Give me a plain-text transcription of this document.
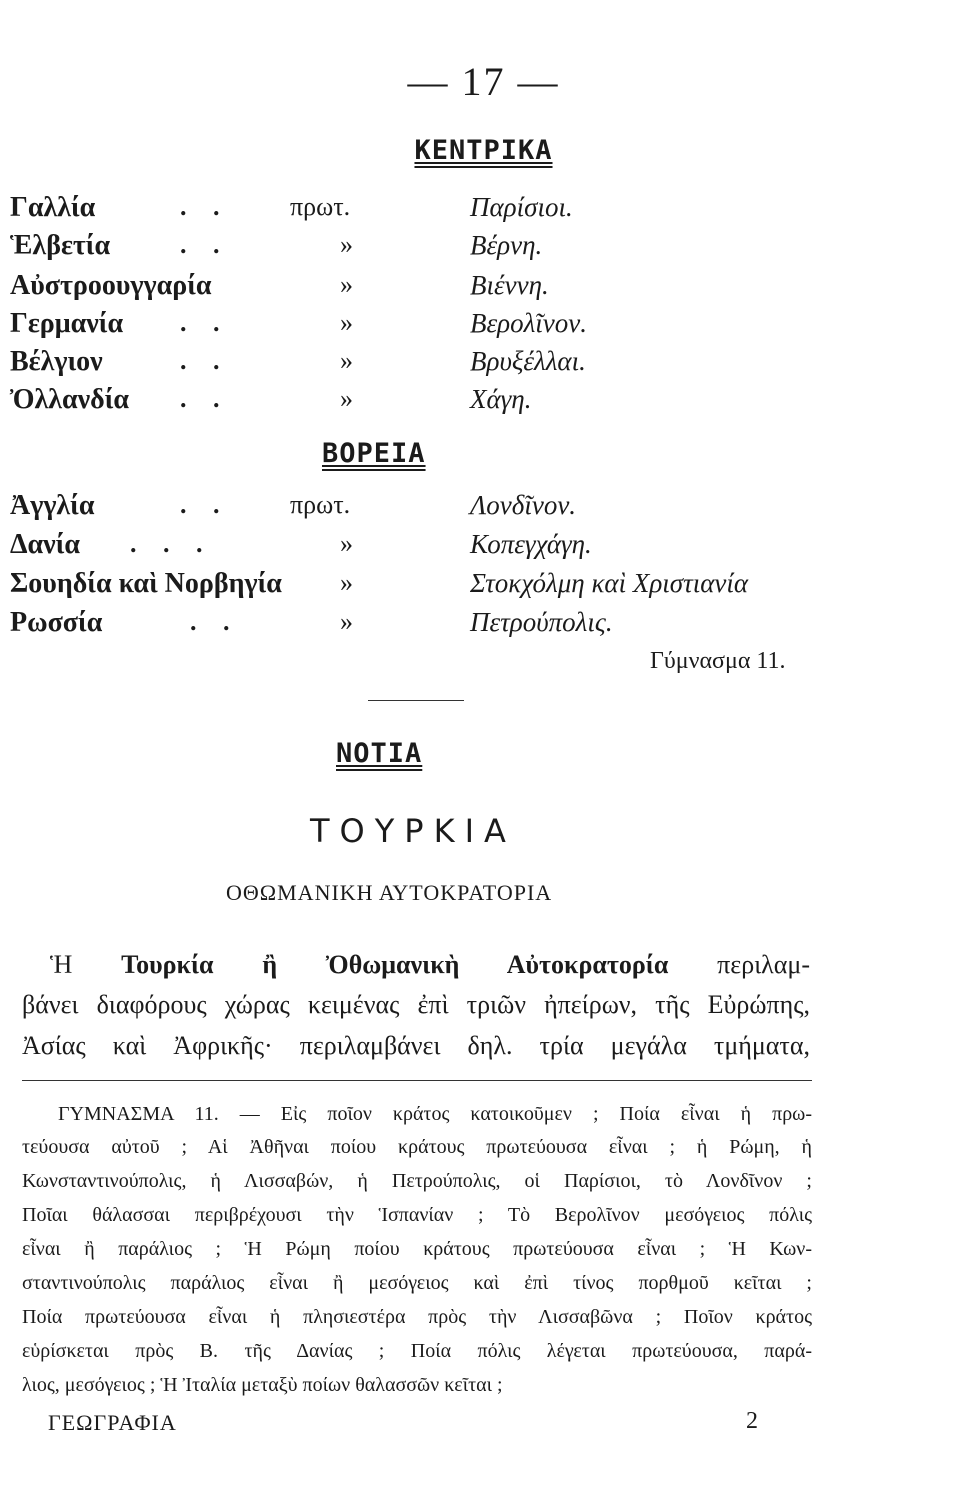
— 17 —
ΚΕΝΤΡΙΚΑ
Γαλλία	. . πρωτ.	Παρίσιοι.
Ἑλβετία	. .	»	Βέρνη.
Αὐστροουγγαρία	»	Βιέννη.
Γερμανία . .	»	Βερολῖνον.
Βέλγιον	. .	»	Βρυξέλλαι.
Ὀλλανδία . .	»	Χάγη.
ΒΟΡΕΙΑ
Ἀγγλία	. . πρωτ.	Λονδῖνον.
Δανία . . .	»	Κοπεγχάγη.
Σουηδία καὶ Νορβηγία »	Στοκχόλμη καὶ Χριστιανία
Ρωσσία	. .	»	Πετρούπολις.
Γύμνασμα 11.
ΝΟΤΙΑ
ΤΟΥΡΚΙΑ
ΟΘΩΜΑΝΙΚΗ ΑΥΤΟΚΡΑΤΟΡΙΑ
Ἡ Τουρκία ἢ Ὀθωμανικὴ Αὐτοκρατορία περιλαμ-
βάνει διαφόρους χώρας κειμένας ἐπὶ τριῶν ἠπείρων, τῆς Εὐρώπης,
Ἀσίας καὶ Ἀφρικῆς· περιλαμβάνει δηλ. τρία μεγάλα τμήματα,
ΓΥΜΝΑΣΜΑ 11. — Εἰς ποῖον κράτος κατοικοῦμεν ; Ποία εἶναι ἡ πρω-
τεύουσα αὐτοῦ ; Αἱ Ἀθῆναι ποίου κράτους πρωτεύουσα εἶναι ; ἡ Ρώμη, ἡ
Κωνσταντινούπολις, ἡ Λισσαβών, ἡ Πετρούπολις, οἱ Παρίσιοι, τὸ Λονδῖνον ;
Ποῖαι θάλασσαι περιβρέχουσι τὴν Ἱσπανίαν ; Τὸ Βερολῖνον μεσόγειος πόλις
εἶναι ἢ παράλιος ; Ἡ Ρώμη ποίου κράτους πρωτεύουσα εἶναι ; Ἡ Κων-
σταντινούπολις παράλιος εἶναι ἢ μεσόγειος καὶ ἐπὶ τίνος πορθμοῦ κεῖται ;
Ποία πρωτεύουσα εἶναι ἡ πλησιεστέρα πρὸς τὴν Λισσαβῶνα ; Ποῖον κράτος
εὑρίσκεται πρὸς Β. τῆς Δανίας ; Ποία πόλις λέγεται πρωτεύουσα, παρά-
λιος, μεσόγειος ; Ἡ Ἰταλία μεταξὺ ποίων θαλασσῶν κεῖται ;
ΓΕΩΓΡΑΦΙΑ	2
